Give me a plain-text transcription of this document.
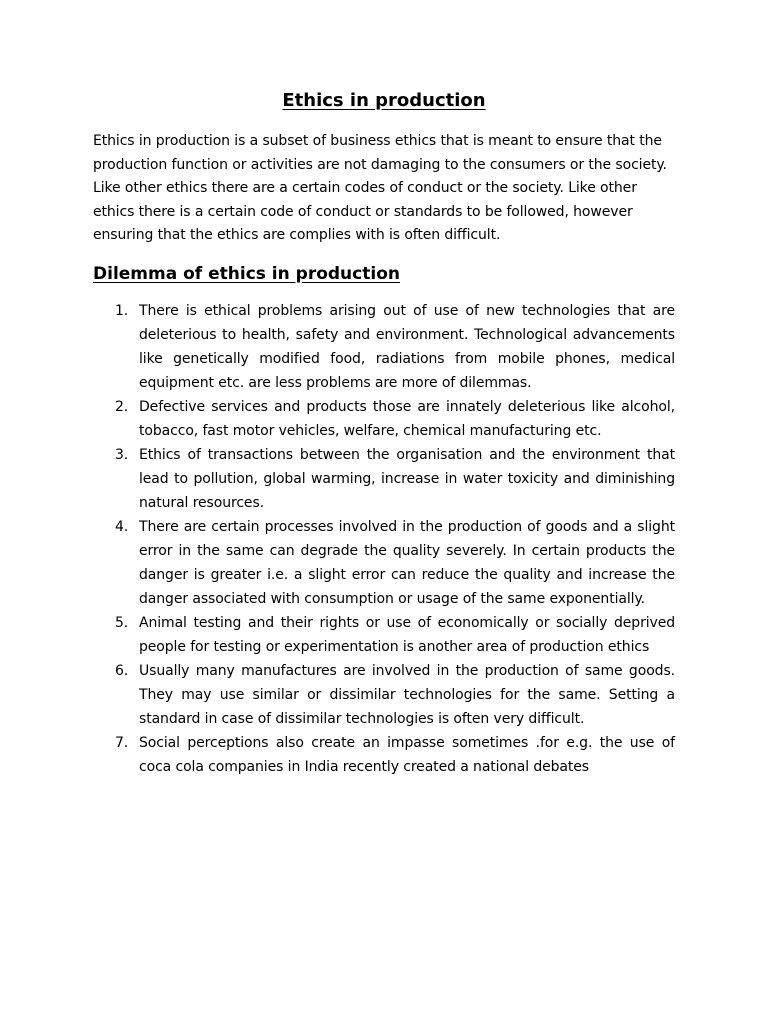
Ethics in production

Ethics in production is a subset of business ethics that is meant to ensure that the production function or activities are not damaging to the consumers or the society. Like other ethics there are a certain codes of conduct or the society. Like other ethics there is a certain code of conduct or standards to be followed, however ensuring that the ethics are complies with is often difficult.

Dilemma of ethics in production
1. There is ethical problems arising out of use of new technologies that are deleterious to health, safety and environment. Technological advancements like genetically modified food, radiations from mobile phones, medical equipment etc. are less problems are more of dilemmas.
2. Defective services and products those are innately deleterious like alcohol, tobacco, fast motor vehicles, welfare, chemical manufacturing etc.
3. Ethics of transactions between the organisation and the environment that lead to pollution, global warming, increase in water toxicity and diminishing natural resources.
4. There are certain processes involved in the production of goods and a slight error in the same can degrade the quality severely. In certain products the danger is greater i.e. a slight error can reduce the quality and increase the danger associated with consumption or usage of the same exponentially.
5. Animal testing and their rights or use of economically or socially deprived people for testing or experimentation is another area of production ethics
6. Usually many manufactures are involved in the production of same goods. They may use similar or dissimilar technologies for the same. Setting a standard in case of dissimilar technologies is often very difficult.
7. Social perceptions also create an impasse sometimes .for e.g. the use of coca cola companies in India recently created a national debates
